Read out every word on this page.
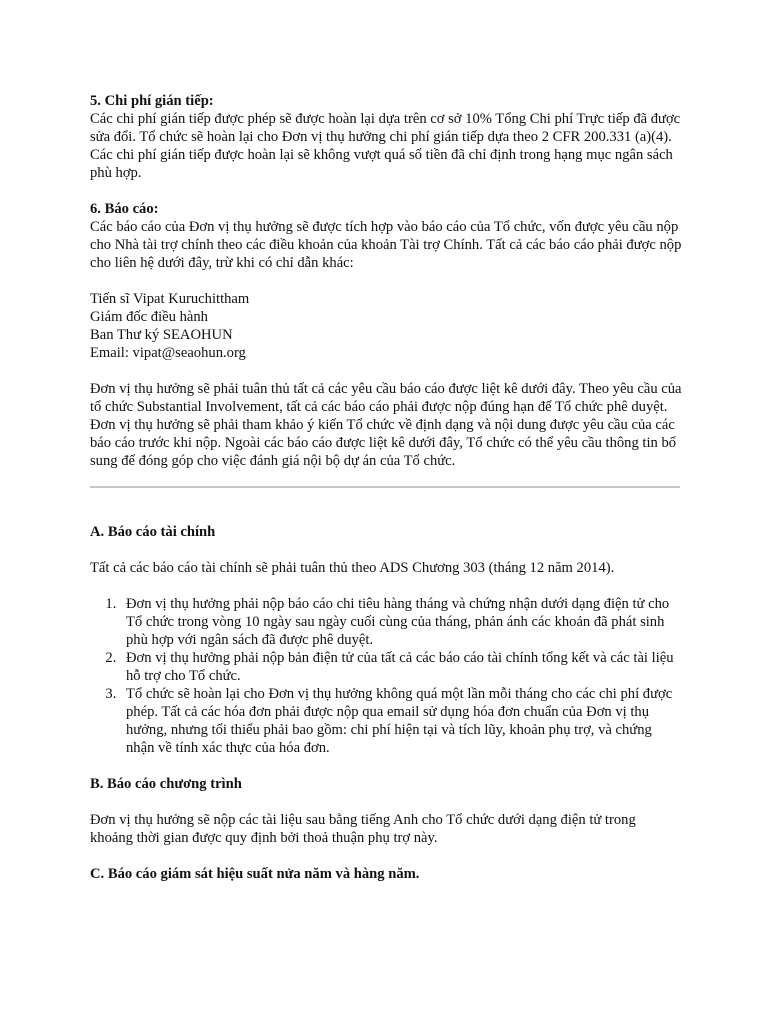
5. Chi phí gián tiếp:

Các chi phí gián tiếp được phép sẽ được hoàn lại dựa trên cơ sở 10% Tổng Chi phí Trực tiếp đã được sửa đổi. Tổ chức sẽ hoàn lại cho Đơn vị thụ hưởng chi phí gián tiếp dựa theo 2 CFR 200.331 (a)(4). Các chi phí gián tiếp được hoàn lại sẽ không vượt quá số tiền đã chỉ định trong hạng mục ngân sách phù hợp.

6. Báo cáo:

Các báo cáo của Đơn vị thụ hưởng sẽ được tích hợp vào báo cáo của Tổ chức, vốn được yêu cầu nộp cho Nhà tài trợ chính theo các điều khoản của khoản Tài trợ Chính. Tất cả các báo cáo phải được nộp cho liên hệ dưới đây, trừ khi có chỉ dẫn khác:

Tiến sĩ Vipat Kuruchittham

Giám đốc điều hành

Ban Thư ký SEAOHUN

Email: vipat@seaohun.org

Đơn vị thụ hưởng sẽ phải tuân thủ tất cả các yêu cầu báo cáo được liệt kê dưới đây. Theo yêu cầu của tổ chức Substantial Involvement, tất cả các báo cáo phải được nộp đúng hạn để Tổ chức phê duyệt. Đơn vị thụ hưởng sẽ phải tham khảo ý kiến Tổ chức về định dạng và nội dung được yêu cầu của các báo cáo trước khi nộp. Ngoài các báo cáo được liệt kê dưới đây, Tổ chức có thể yêu cầu thông tin bổ sung để đóng góp cho việc đánh giá nội bộ dự án của Tổ chức.

A. Báo cáo tài chính

Tất cả các báo cáo tài chính sẽ phải tuân thủ theo ADS Chương 303 (tháng 12 năm 2014).

1. Đơn vị thụ hưởng phải nộp báo cáo chi tiêu hàng tháng và chứng nhận dưới dạng điện tử cho Tổ chức trong vòng 10 ngày sau ngày cuối cùng của tháng, phản ánh các khoản đã phát sinh phù hợp với ngân sách đã được phê duyệt.
2. Đơn vị thụ hưởng phải nộp bản điện tử của tất cả các báo cáo tài chính tổng kết và các tài liệu hỗ trợ cho Tổ chức.
3. Tổ chức sẽ hoàn lại cho Đơn vị thụ hưởng không quá một lần mỗi tháng cho các chi phí được phép. Tất cả các hóa đơn phải được nộp qua email sử dụng hóa đơn chuẩn của Đơn vị thụ hưởng, nhưng tối thiểu phải bao gồm: chi phí hiện tại và tích lũy, khoản phụ trợ, và chứng nhận về tính xác thực của hóa đơn.

B. Báo cáo chương trình

Đơn vị thụ hưởng sẽ nộp các tài liệu sau bằng tiếng Anh cho Tổ chức dưới dạng điện tử trong khoảng thời gian được quy định bởi thoả thuận phụ trợ này.

C. Báo cáo giám sát hiệu suất nửa năm và hàng năm.
